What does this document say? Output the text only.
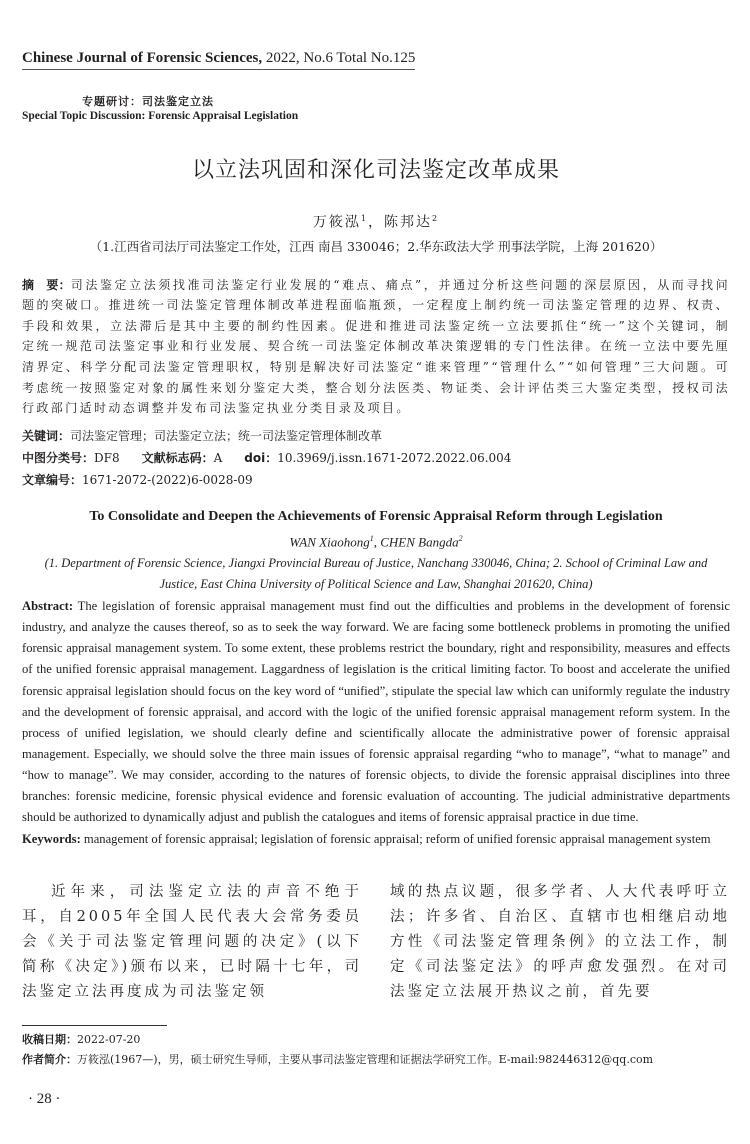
Chinese Journal of Forensic Sciences, 2022, No.6 Total No.125
专题研讨：司法鉴定立法
Special Topic Discussion: Forensic Appraisal Legislation
以立法巩固和深化司法鉴定改革成果
万筱泓$^1$，陈邦达$^2$
（1.江西省司法厅司法鉴定工作处，江西 南昌 330046；2.华东政法大学 刑事法学院，上海 201620）
摘　要：司法鉴定立法须找准司法鉴定行业发展的“难点、痛点”，并通过分析这些问题的深层原因，从而寻找问题的突破口。推进统一司法鉴定管理体制改革进程面临瓶颈，一定程度上制约统一司法鉴定管理的边界、权责、手段和效果，立法滞后是其中主要的制约性因素。促进和推进司法鉴定统一立法要抓住“统一”这个关键词，制定统一规范司法鉴定事业和行业发展、契合统一司法鉴定体制改革决策逻辑的专门性法律。在统一立法中要先厘清界定、科学分配司法鉴定管理职权，特别是解决好司法鉴定“谁来管理”“管理什么”“如何管理”三大问题。可考虑统一按照鉴定对象的属性来划分鉴定大类，整合划分法医类、物证类、会计评估类三大鉴定类型，授权司法行政部门适时动态调整并发布司法鉴定执业分类目录及项目。
关键词：司法鉴定管理；司法鉴定立法；统一司法鉴定管理体制改革
中图分类号：DF8 文献标志码：A doi：10.3969/j.issn.1671-2072.2022.06.004
文章编号：1671-2072-(2022)6-0028-09
To Consolidate and Deepen the Achievements of Forensic Appraisal Reform through Legislation
WAN Xiaohong$^1$, CHEN Bangda$^2$
(1. Department of Forensic Science, Jiangxi Provincial Bureau of Justice, Nanchang 330046, China; 2. School of Criminal Law and Justice, East China University of Political Science and Law, Shanghai 201620, China)
Abstract: The legislation of forensic appraisal management must find out the difficulties and problems in the development of forensic industry, and analyze the causes thereof, so as to seek the way forward. We are facing some bottleneck problems in promoting the unified forensic appraisal management system. To some extent, these problems restrict the boundary, right and responsibility, measures and effects of the unified forensic appraisal management. Laggardness of legislation is the critical limiting factor. To boost and accelerate the unified forensic appraisal legislation should focus on the key word of “unified”, stipulate the special law which can uniformly regulate the industry and the development of forensic appraisal, and accord with the logic of the unified forensic appraisal management reform system. In the process of unified legislation, we should clearly define and scientifically allocate the administrative power of forensic appraisal management. Especially, we should solve the three main issues of forensic appraisal regarding “who to manage”, “what to manage” and “how to manage”. We may consider, according to the natures of forensic objects, to divide the forensic appraisal disciplines into three branches: forensic medicine, forensic physical evidence and forensic evaluation of accounting. The judicial administrative departments should be authorized to dynamically adjust and publish the catalogues and items of forensic appraisal practice in due time.
Keywords: management of forensic appraisal; legislation of forensic appraisal; reform of unified forensic appraisal management system
近年来，司法鉴定立法的声音不绝于耳，自2005年全国人民代表大会常务委员会《关于司法鉴定管理问题的决定》(以下简称《决定》)颁布以来，已时隔十七年，司法鉴定立法再度成为司法鉴定领
域的热点议题，很多学者、人大代表呼吁立法；许多省、自治区、直辖市也相继启动地方性《司法鉴定管理条例》的立法工作，制定《司法鉴定法》的呼声愈发强烈。在对司法鉴定立法展开热议之前，首先要
收稿日期：2022-07-20
作者简介：万筱泓(1967—)，男，硕士研究生导师，主要从事司法鉴定管理和证据法学研究工作。E-mail:982446312@qq.com
· 28 ·
